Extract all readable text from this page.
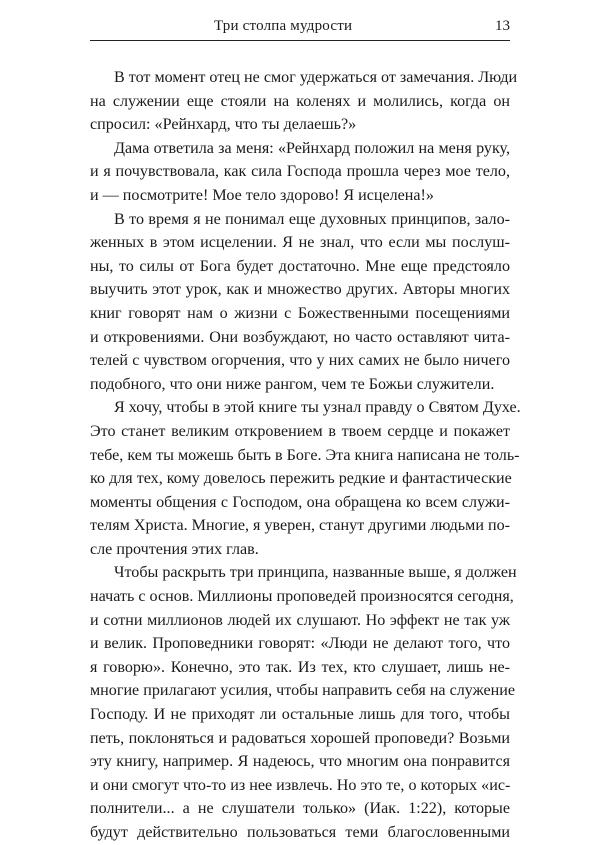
Три столпа мудрости	13
В тот момент отец не смог удержаться от замечания. Люди
на служении еще стояли на коленях и молились, когда он
спросил: «Рейнхард, что ты делаешь?»
Дама ответила за меня: «Рейнхард положил на меня руку,
и я почувствовала, как сила Господа прошла через мое тело,
и — посмотрите! Мое тело здорово! Я исцелена!»
В то время я не понимал еще духовных принципов, зало-
женных в этом исцелении. Я не знал, что если мы послуш-
ны, то силы от Бога будет достаточно. Мне еще предстояло
выучить этот урок, как и множество других. Авторы многих
книг говорят нам о жизни с Божественными посещениями
и откровениями. Они возбуждают, но часто оставляют чита-
телей с чувством огорчения, что у них самих не было ничего
подобного, что они ниже рангом, чем те Божьи служители.
Я хочу, чтобы в этой книге ты узнал правду о Святом Духе.
Это станет великим откровением в твоем сердце и покажет
тебе, кем ты можешь быть в Боге. Эта книга написана не толь-
ко для тех, кому довелось пережить редкие и фантастические
моменты общения с Господом, она обращена ко всем служи-
телям Христа. Многие, я уверен, станут другими людьми по-
сле прочтения этих глав.
Чтобы раскрыть три принципа, названные выше, я должен
начать с основ. Миллионы проповедей произносятся сегодня,
и сотни миллионов людей их слушают. Но эффект не так уж
и велик. Проповедники говорят: «Люди не делают того, что
я говорю». Конечно, это так. Из тех, кто слушает, лишь не-
многие прилагают усилия, чтобы направить себя на служение
Господу. И не приходят ли остальные лишь для того, чтобы
петь, поклоняться и радоваться хорошей проповеди? Возьми
эту книгу, например. Я надеюсь, что многим она понравится
и они смогут что-то из нее извлечь. Но это те, о которых «ис-
полнители... а не слушатели только» (Иак. 1:22), которые
будут действительно пользоваться теми благословенными
